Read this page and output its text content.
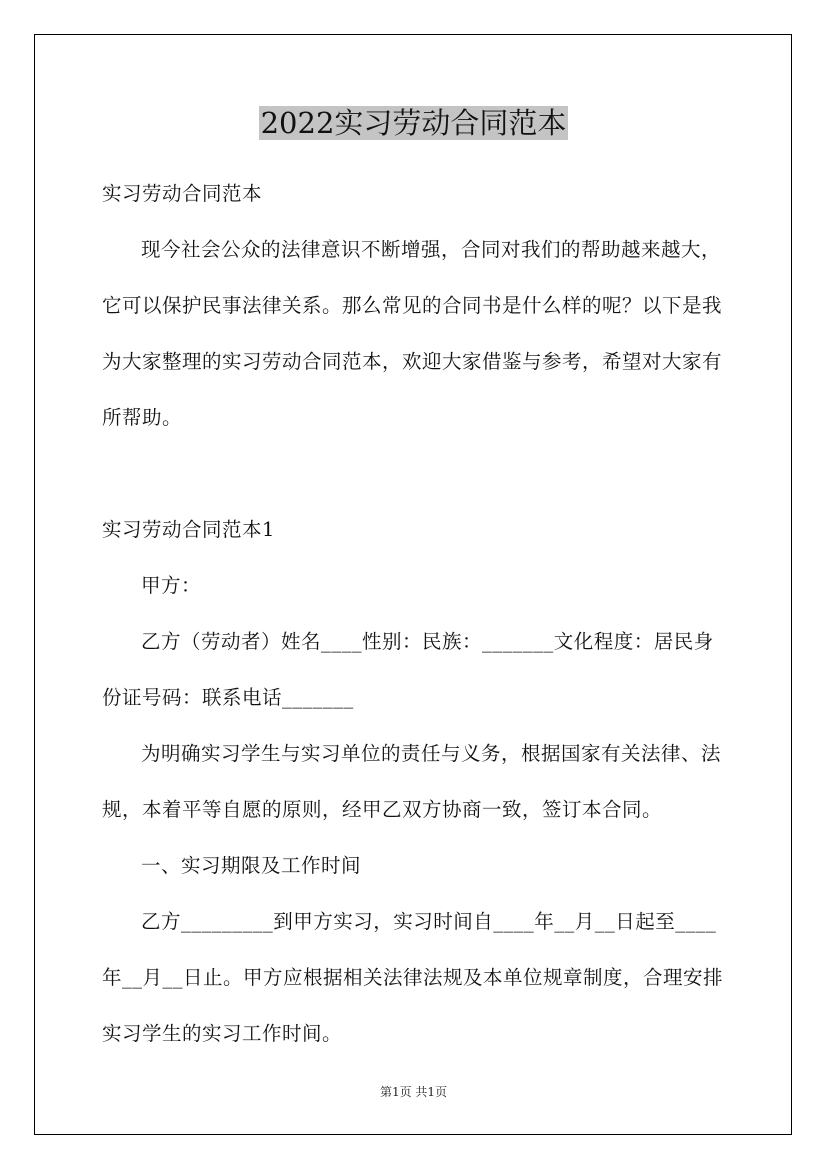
2022实习劳动合同范本

实习劳动合同范本

现今社会公众的法律意识不断增强，合同对我们的帮助越来越大，它可以保护民事法律关系。那么常见的合同书是什么样的呢？以下是我为大家整理的实习劳动合同范本，欢迎大家借鉴与参考，希望对大家有所帮助。

实习劳动合同范本1

甲方：

乙方（劳动者）姓名____性别：民族：_______文化程度：居民身份证号码：联系电话_______

为明确实习学生与实习单位的责任与义务，根据国家有关法律、法规，本着平等自愿的原则，经甲乙双方协商一致，签订本合同。

一、实习期限及工作时间

乙方_________到甲方实习，实习时间自____年__月__日起至____年__月__日止。甲方应根据相关法律法规及本单位规章制度，合理安排实习学生的实习工作时间。

第1页 共1页
